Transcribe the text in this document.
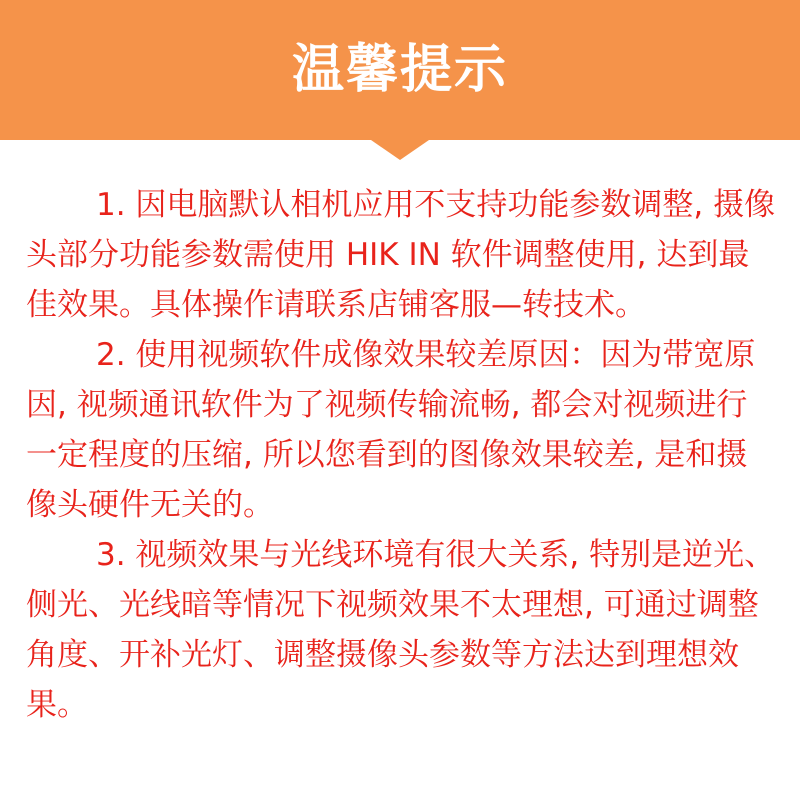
温馨提示

1. 因电脑默认相机应用不支持功能参数调整, 摄像头部分功能参数需使用 HIK IN 软件调整使用, 达到最佳效果。具体操作请联系店铺客服—转技术。

2. 使用视频软件成像效果较差原因：因为带宽原因, 视频通讯软件为了视频传输流畅, 都会对视频进行一定程度的压缩, 所以您看到的图像效果较差, 是和摄像头硬件无关的。

3. 视频效果与光线环境有很大关系, 特别是逆光、侧光、光线暗等情况下视频效果不太理想, 可通过调整角度、开补光灯、调整摄像头参数等方法达到理想效果。
